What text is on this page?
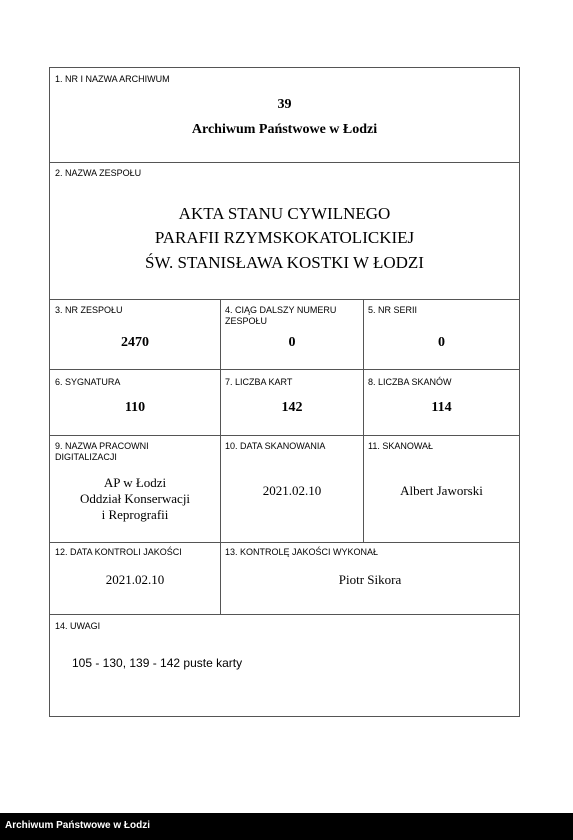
1. NR I NAZWA ARCHIWUM
39
Archiwum Państwowe w Łodzi
2. NAZWA ZESPOŁU
AKTA STANU CYWILNEGO
PARAFII RZYMSKOKATOLICKIEJ
ŚW. STANISŁAWA KOSTKI W ŁODZI
3. NR ZESPOŁU
2470
4. CIĄG DALSZY NUMERU
ZESPOŁU
0
5. NR SERII
0
6. SYGNATURA
110
7. LICZBA KART
142
8. LICZBA SKANÓW
114
9. NAZWA PRACOWNI
DIGITALIZACJI
AP w Łodzi
Oddział Konserwacji
i Reprografii
10. DATA SKANOWANIA
2021.02.10
11. SKANOWAŁ
Albert Jaworski
12. DATA KONTROLI JAKOŚCI
2021.02.10
13. KONTROLĘ JAKOŚCI WYKONAŁ
Piotr Sikora
14. UWAGI
105 - 130, 139 - 142 puste karty
Archiwum Państwowe w Łodzi
